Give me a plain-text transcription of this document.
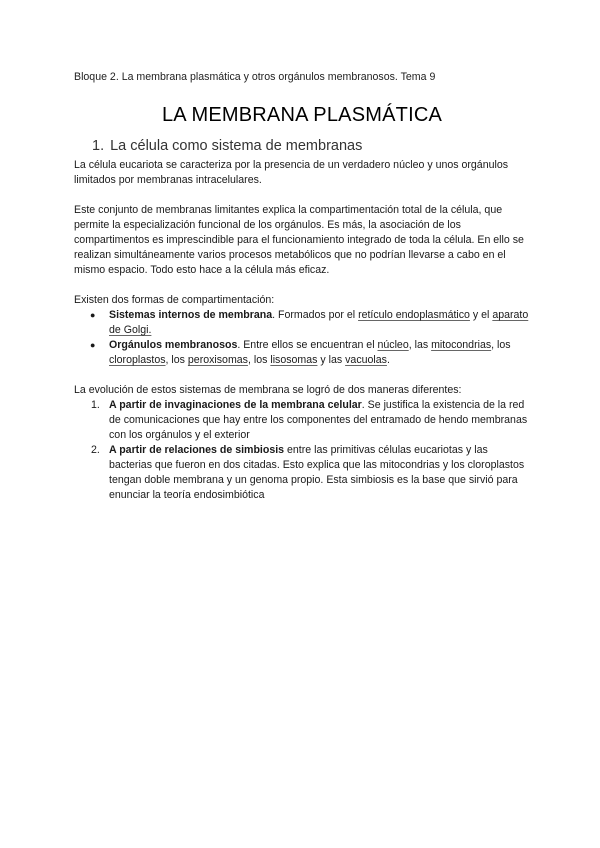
Bloque 2. La membrana plasmática y otros orgánulos membranosos. Tema 9

LA MEMBRANA PLASMÁTICA
1. La célula como sistema de membranas

La célula eucariota se caracteriza por la presencia de un verdadero núcleo y unos orgánulos limitados por membranas intracelulares.

Este conjunto de membranas limitantes explica la compartimentación total de la célula, que permite la especialización funcional de los orgánulos. Es más, la asociación de los compartimentos es imprescindible para el funcionamiento integrado de toda la célula. En ello se realizan simultáneamente varios procesos metabólicos que no podrían llevarse a cabo en el mismo espacio. Todo esto hace a la célula más eficaz.

Existen dos formas de compartimentación:

● Sistemas internos de membrana. Formados por el retículo endoplasmático y el aparato de Golgi.
● Orgánulos membranosos. Entre ellos se encuentran el núcleo, las mitocondrias, los cloroplastos, los peroxisomas, los lisosomas y las vacuolas.

La evolución de estos sistemas de membrana se logró de dos maneras diferentes:

1. A partir de invaginaciones de la membrana celular. Se justifica la existencia de la red de comunicaciones que hay entre los componentes del entramado de hendo membranas con los orgánulos y el exterior
2. A partir de relaciones de simbiosis entre las primitivas células eucariotas y las bacterias que fueron en dos citadas. Esto explica que las mitocondrias y los cloroplastos tengan doble membrana y un genoma propio. Esta simbiosis es la base que sirvió para enunciar la teoría endosimbiótica
